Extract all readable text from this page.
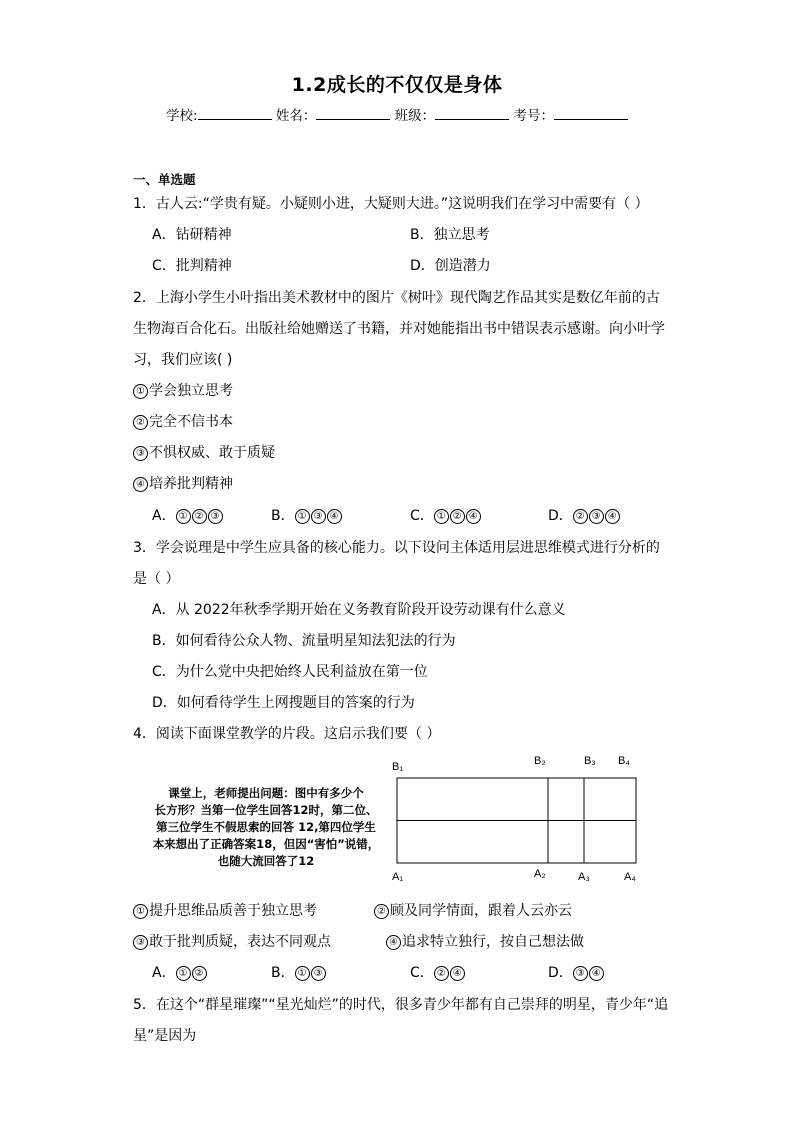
1.2成长的不仅仅是身体
学校:	姓名：	班级：	考号：
一、单选题
1．古人云:“学贵有疑。小疑则小进，大疑则大进。”这说明我们在学习中需要有（ ）
A．钻研精神	B．独立思考
C．批判精神	D．创造潜力
2．上海小学生小叶指出美术教材中的图片《树叶》现代陶艺作品其实是数亿年前的古
生物海百合化石。出版社给她赠送了书籍，并对她能指出书中错误表示感谢。向小叶学
习，我们应该( )
① 学会独立思考
② 完全不信书本
③ 不惧权威、敢于质疑
④ 培养批判精神
A． ① ② ③	B． ① ③ ④	C． ① ② ④	D． ② ③ ④
3．学会说理是中学生应具备的核心能力。以下设问主体适用层进思维模式进行分析的
是（ ）
A．从 2022年秋季学期开始在义务教育阶段开设劳动课有什么意义
B．如何看待公众人物、流量明星知法犯法的行为
C．为什么党中央把始终人民利益放在第一位
D．如何看待学生上网搜题目的答案的行为
4．阅读下面课堂教学的片段。这启示我们要（ ）
课堂上，老师提出问题：图中有多少个
长方形？当第一位学生回答12时，第二位、
第三位学生不假思索的回答 12,第四位学生
本来想出了正确答案18，但因“害怕”说错，
也随大流回答了12
B₁	B₂	B₃ B₄
A₁	A₂	A₃	A₄
① 提升思维品质善于独立思考	② 顾及同学情面，跟着人云亦云
③ 敢于批判质疑，表达不同观点	④ 追求特立独行，按自己想法做
A． ① ②	B． ① ③	C． ② ④	D． ③ ④
5．在这个“群星璀璨”“星光灿烂”的时代，很多青少年都有自己崇拜的明星，青少年“追
星”是因为
